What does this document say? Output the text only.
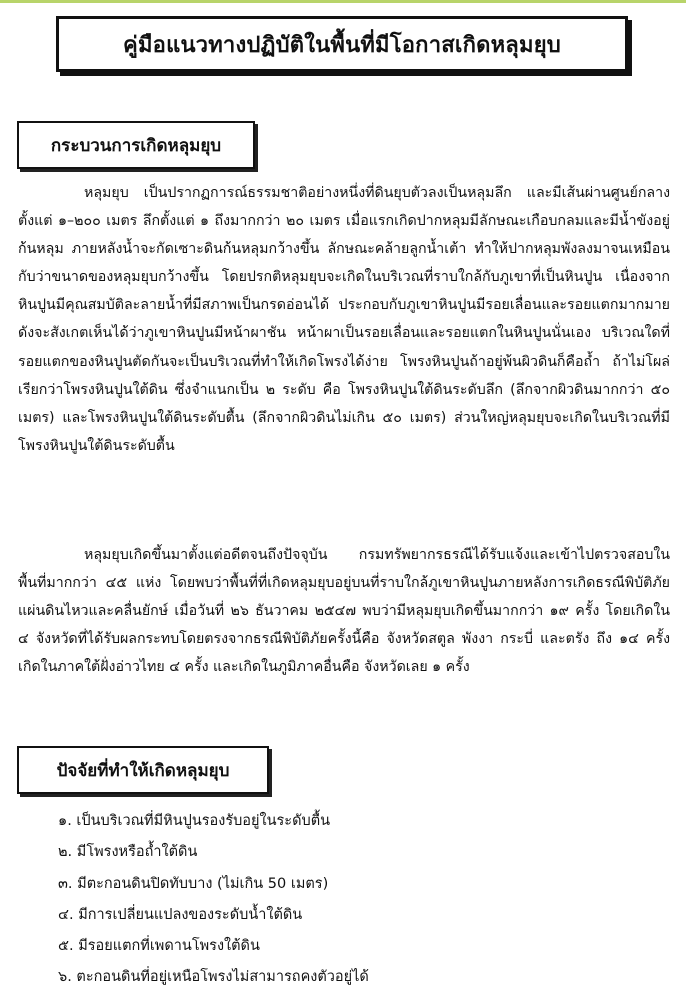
คู่มือแนวทางปฏิบัติในพื้นที่มีโอกาสเกิดหลุมยุบ
กระบวนการเกิดหลุมยุบ

หลุมยุบ เป็นปรากฏการณ์ธรรมชาติอย่างหนึ่งที่ดินยุบตัวลงเป็นหลุมลึก และมีเส้นผ่านศูนย์กลางตั้งแต่ ๑–๒๐๐ เมตร ลึกตั้งแต่ ๑ ถึงมากกว่า ๒๐ เมตร เมื่อแรกเกิดปากหลุมมีลักษณะเกือบกลมและมีน้ำขังอยู่ก้นหลุม ภายหลังน้ำจะกัดเซาะดินก้นหลุมกว้างขึ้น ลักษณะคล้ายลูกน้ำเต้า ทำให้ปากหลุมพังลงมาจนเหมือนกับว่าขนาดของหลุมยุบกว้างขึ้น โดยปรกติหลุมยุบจะเกิดในบริเวณที่ราบใกล้กับภูเขาที่เป็นหินปูน เนื่องจากหินปูนมีคุณสมบัติละลายน้ำที่มีสภาพเป็นกรดอ่อนได้ ประกอบกับภูเขาหินปูนมีรอยเลื่อนและรอยแตกมากมายดังจะสังเกตเห็นได้ว่าภูเขาหินปูนมีหน้าผาชัน หน้าผาเป็นรอยเลื่อนและรอยแตกในหินปูนนั่นเอง บริเวณใดที่รอยแตกของหินปูนตัดกันจะเป็นบริเวณที่ทำให้เกิดโพรงได้ง่าย โพรงหินปูนถ้าอยู่พ้นผิวดินก็คือถ้ำ ถ้าไม่โผล่เรียกว่าโพรงหินปูนใต้ดิน ซึ่งจำแนกเป็น ๒ ระดับ คือ โพรงหินปูนใต้ดินระดับลึก (ลึกจากผิวดินมากกว่า ๕๐ เมตร) และโพรงหินปูนใต้ดินระดับตื้น (ลึกจากผิวดินไม่เกิน ๕๐ เมตร) ส่วนใหญ่หลุมยุบจะเกิดในบริเวณที่มีโพรงหินปูนใต้ดินระดับตื้น

หลุมยุบเกิดขึ้นมาตั้งแต่อดีตจนถึงปัจจุบัน กรมทรัพยากรธรณีได้รับแจ้งและเข้าไปตรวจสอบในพื้นที่มากกว่า ๔๕ แห่ง โดยพบว่าพื้นที่ที่เกิดหลุมยุบอยู่บนที่ราบใกล้ภูเขาหินปูนภายหลังการเกิดธรณีพิบัติภัยแผ่นดินไหวและคลื่นยักษ์ เมื่อวันที่ ๒๖ ธันวาคม ๒๕๔๗ พบว่ามีหลุมยุบเกิดขึ้นมากกว่า ๑๙ ครั้ง โดยเกิดใน ๔ จังหวัดที่ได้รับผลกระทบโดยตรงจากธรณีพิบัติภัยครั้งนี้คือ จังหวัดสตูล พังงา กระบี่ และตรัง ถึง ๑๔ ครั้ง เกิดในภาคใต้ฝั่งอ่าวไทย ๔ ครั้ง และเกิดในภูมิภาคอื่นคือ จังหวัดเลย ๑ ครั้ง

ปัจจัยที่ทำให้เกิดหลุมยุบ
๑. เป็นบริเวณที่มีหินปูนรองรับอยู่ในระดับตื้น
๒. มีโพรงหรือถ้ำใต้ดิน
๓. มีตะกอนดินปิดทับบาง (ไม่เกิน 50 เมตร)
๔. มีการเปลี่ยนแปลงของระดับน้ำใต้ดิน
๕. มีรอยแตกที่เพดานโพรงใต้ดิน
๖. ตะกอนดินที่อยู่เหนือโพรงไม่สามารถคงตัวอยู่ได้
